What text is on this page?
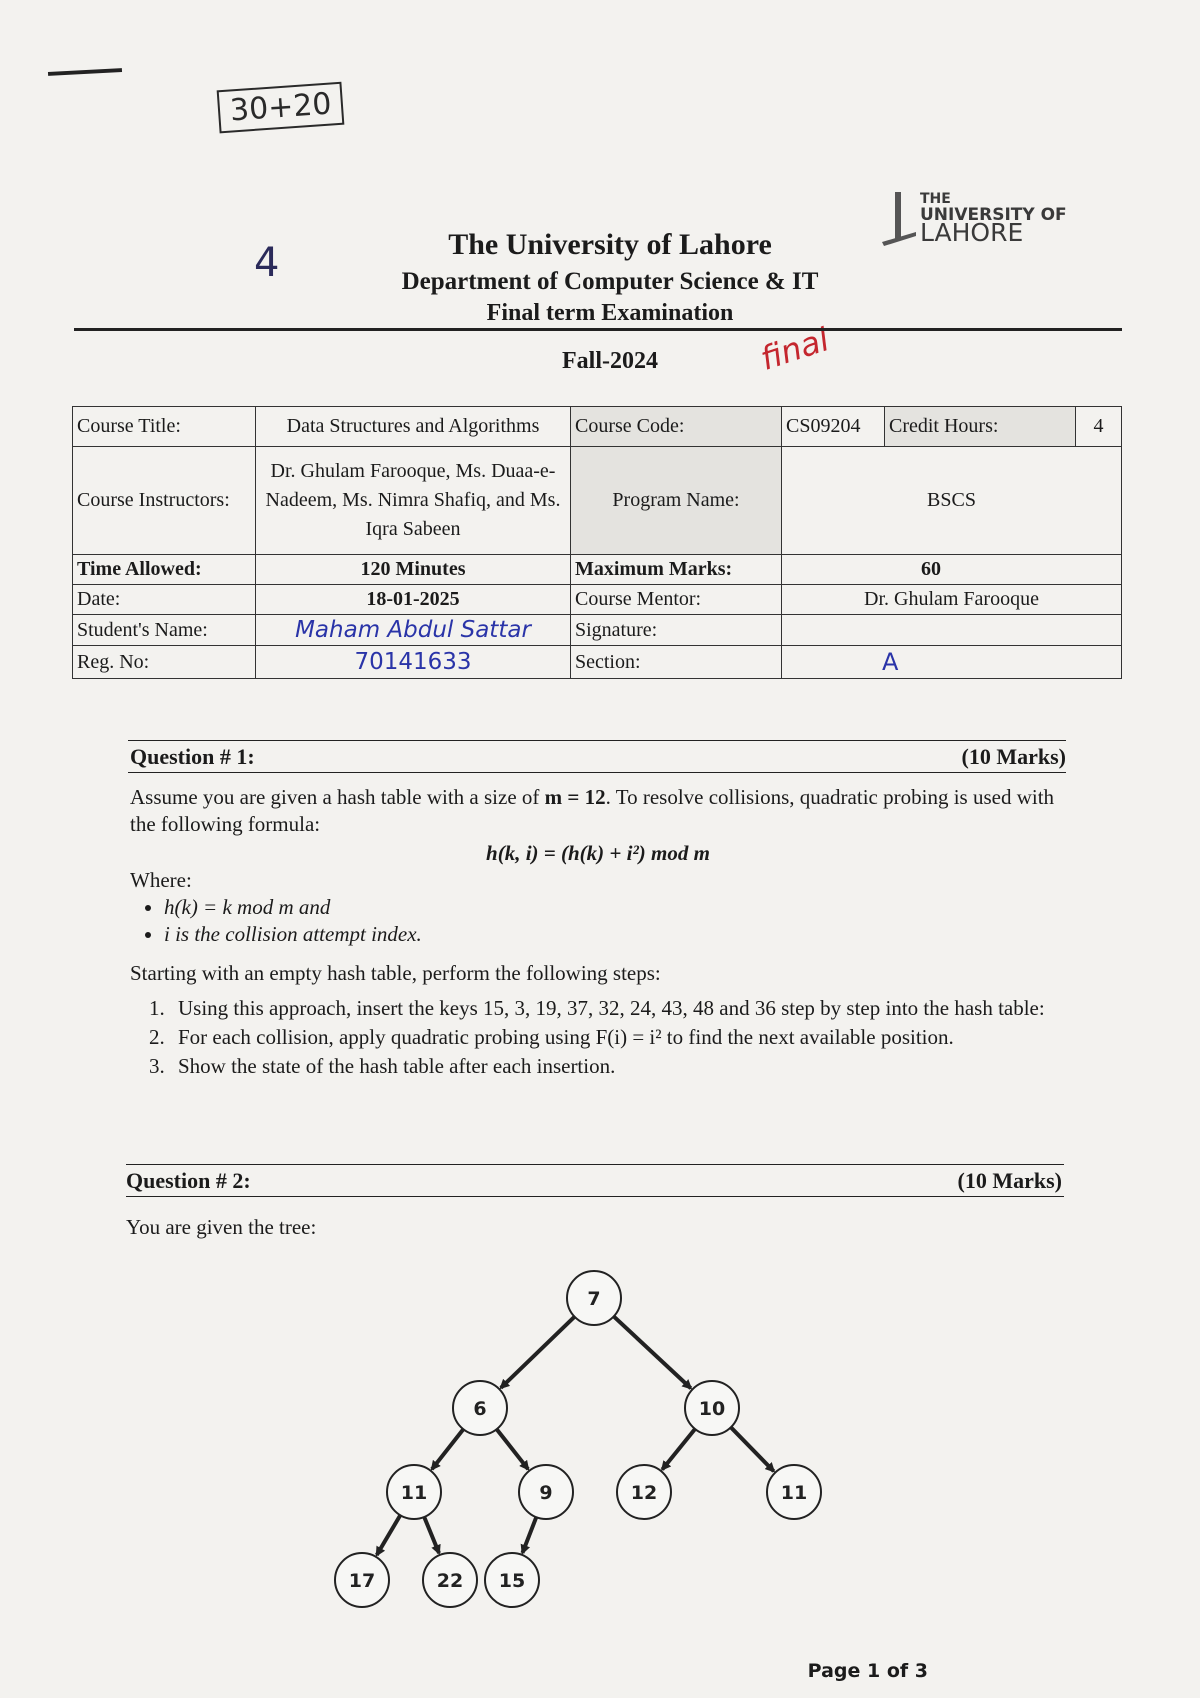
30+20
4
final
THE
UNIVERSITY OF
LAHORE
The University of Lahore
Department of Computer Science & IT
Final term Examination
Fall-2024
Course Title:	Data Structures and Algorithms	Course Code:	CS09204	Credit Hours:	4
Course Instructors:	Dr. Ghulam Farooque, Ms. Duaa-e-Nadeem, Ms. Nimra Shafiq, and Ms. Iqra Sabeen	Program Name:	BSCS		
Time Allowed:	120 Minutes	Maximum Marks:	60		
Date:	18-01-2025	Course Mentor:	Dr. Ghulam Farooque		
Student's Name:	Maham Abdul Sattar	Signature:			
Reg. No:	70141633	Section:	A		
Question # 1:	(10 Marks)
Assume you are given a hash table with a size of m = 12. To resolve collisions, quadratic probing is used with the following formula:
h(k, i) = (h(k) + i²) mod m
Where:
• h(k) = k mod m and
• i is the collision attempt index.
Starting with an empty hash table, perform the following steps:
1. Using this approach, insert the keys 15, 3, 19, 37, 32, 24, 43, 48 and 36 step by step into the hash table:
2. For each collision, apply quadratic probing using F(i) = i² to find the next available position.
3. Show the state of the hash table after each insertion.
Question # 2:	(10 Marks)
You are given the tree:
7
6	10
11	9	12	11
17	22 15
Page 1 of 3
